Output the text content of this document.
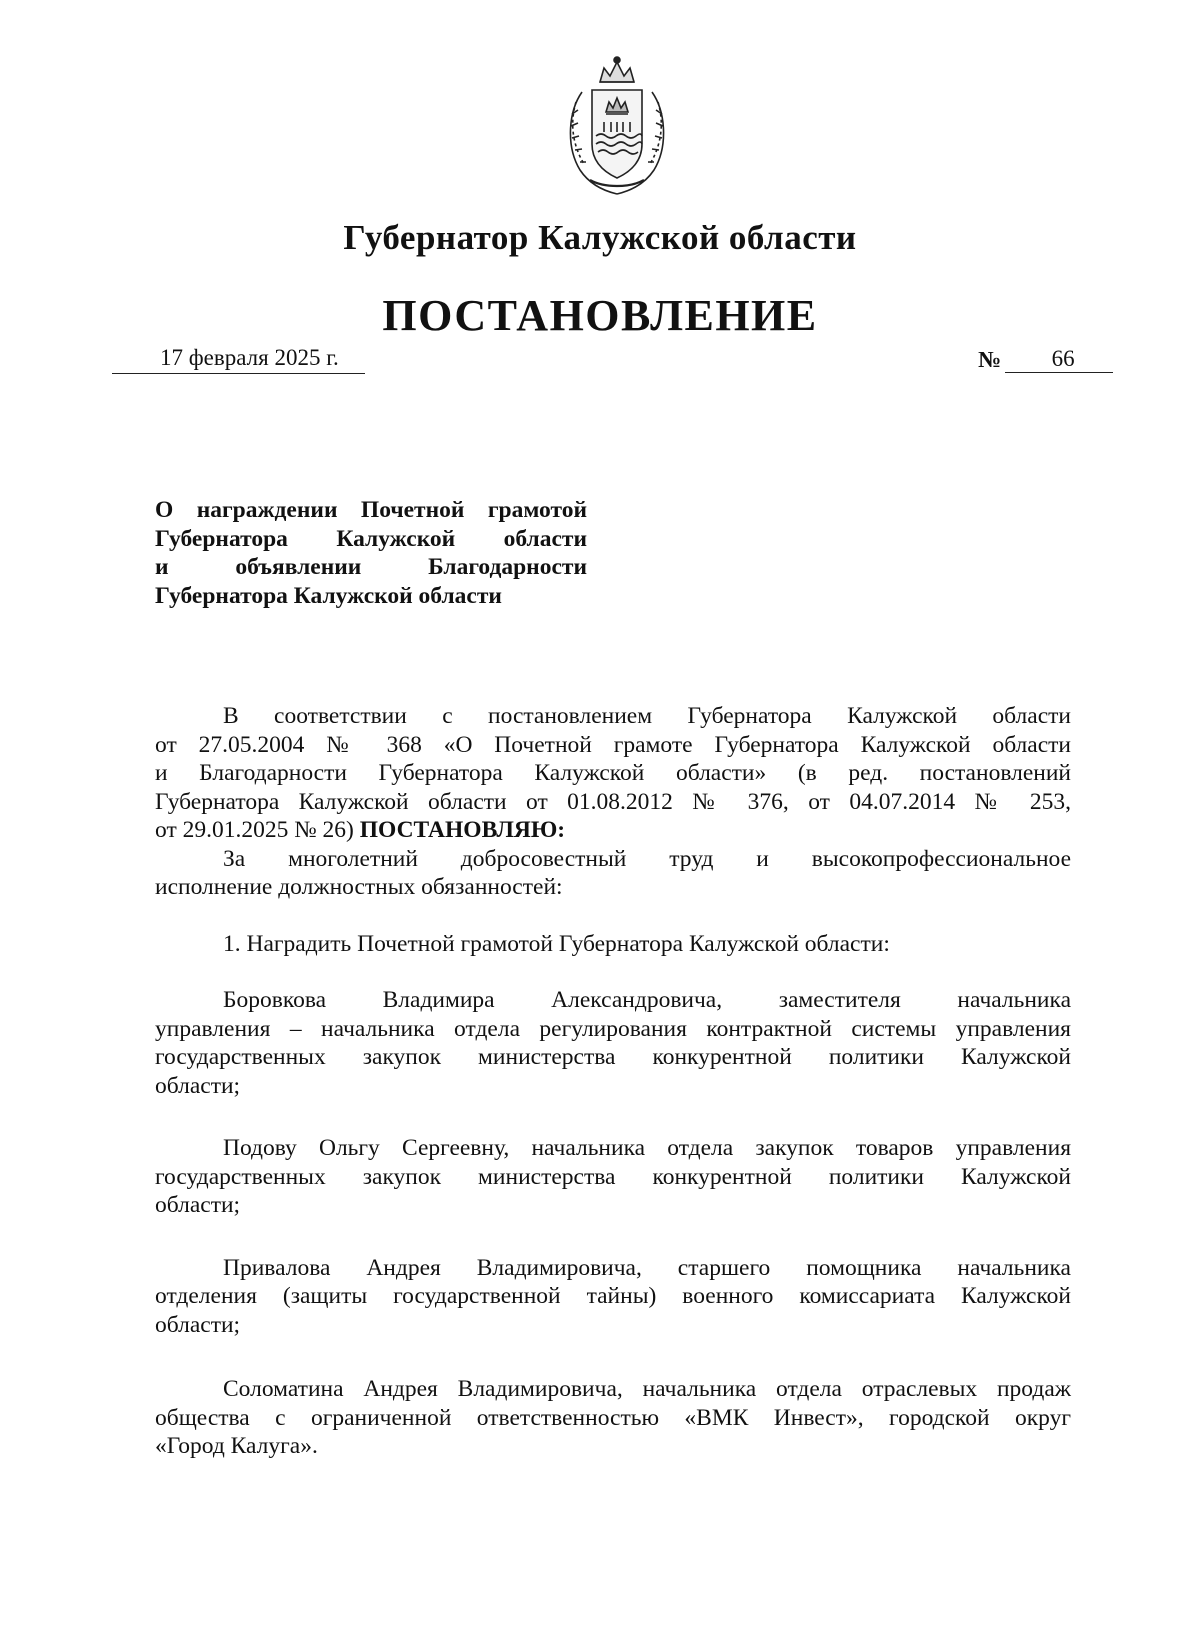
Губернатор Калужской области
ПОСТАНОВЛЕНИЕ
17 февраля 2025 г.	№	66
О награждении Почетной грамотой
Губернатора Калужской области
и объявлении Благодарности
Губернатора Калужской области
В соответствии с постановлением Губернатора Калужской области
от 27.05.2004 № 368 «О Почетной грамоте Губернатора Калужской области
и Благодарности Губернатора Калужской области» (в ред. постановлений
Губернатора Калужской области от 01.08.2012 № 376, от 04.07.2014 № 253,
от 29.01.2025 № 26) ПОСТАНОВЛЯЮ:
За многолетний добросовестный труд и высокопрофессиональное
исполнение должностных обязанностей:
1. Наградить Почетной грамотой Губернатора Калужской области:
Боровкова Владимира Александровича, заместителя начальника
управления – начальника отдела регулирования контрактной системы управления
государственных закупок министерства конкурентной политики Калужской
области;
Подову Ольгу Сергеевну, начальника отдела закупок товаров управления
государственных закупок министерства конкурентной политики Калужской
области;
Привалова Андрея Владимировича, старшего помощника начальника
отделения (защиты государственной тайны) военного комиссариата Калужской
области;
Соломатина Андрея Владимировича, начальника отдела отраслевых продаж
общества с ограниченной ответственностью «ВМК Инвест», городской округ
«Город Калуга».
